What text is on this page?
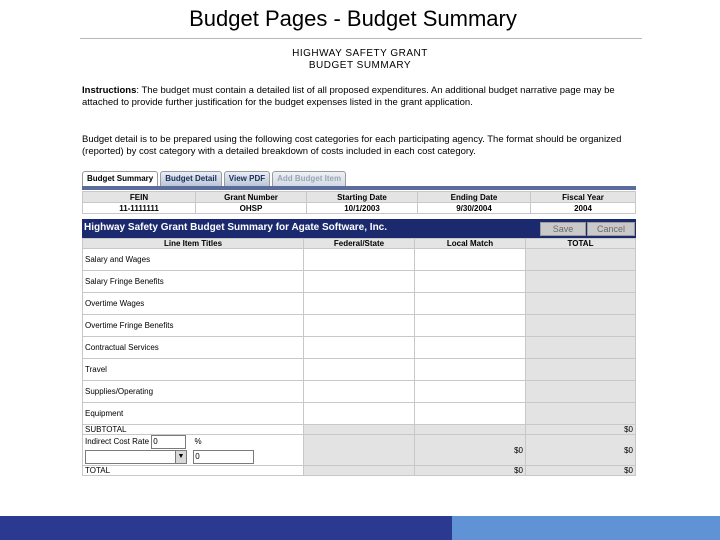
Budget Pages - Budget Summary
HIGHWAY SAFETY GRANT
BUDGET SUMMARY
Instructions: The budget must contain a detailed list of all proposed expenditures. An additional budget narrative page may be attached to provide further justification for the budget expenses listed in the grant application.
Budget detail is to be prepared using the following cost categories for each participating agency. The format should be organized (reported) by cost category with a detailed breakdown of costs included in each cost category.
Budget Summary	Budget Detail	View PDF	Add Budget Item
FEIN	Grant Number	Starting Date	Ending Date	Fiscal Year
11-1111111	OHSP	10/1/2003	9/30/2004	2004
Highway Safety Grant Budget Summary for Agate Software, Inc.	Save	Cancel
Line Item Titles	Federal/State	Local Match	TOTAL
Salary and Wages			
Salary Fringe Benefits			
Overtime Wages			
Overtime Fringe Benefits			
Contractual Services			
Travel			
Supplies/Operating			
Equipment			
SUBTOTAL			$0

Indirect Cost Rate 0 %
▼ 0		$0	$0
TOTAL		$0	$0
